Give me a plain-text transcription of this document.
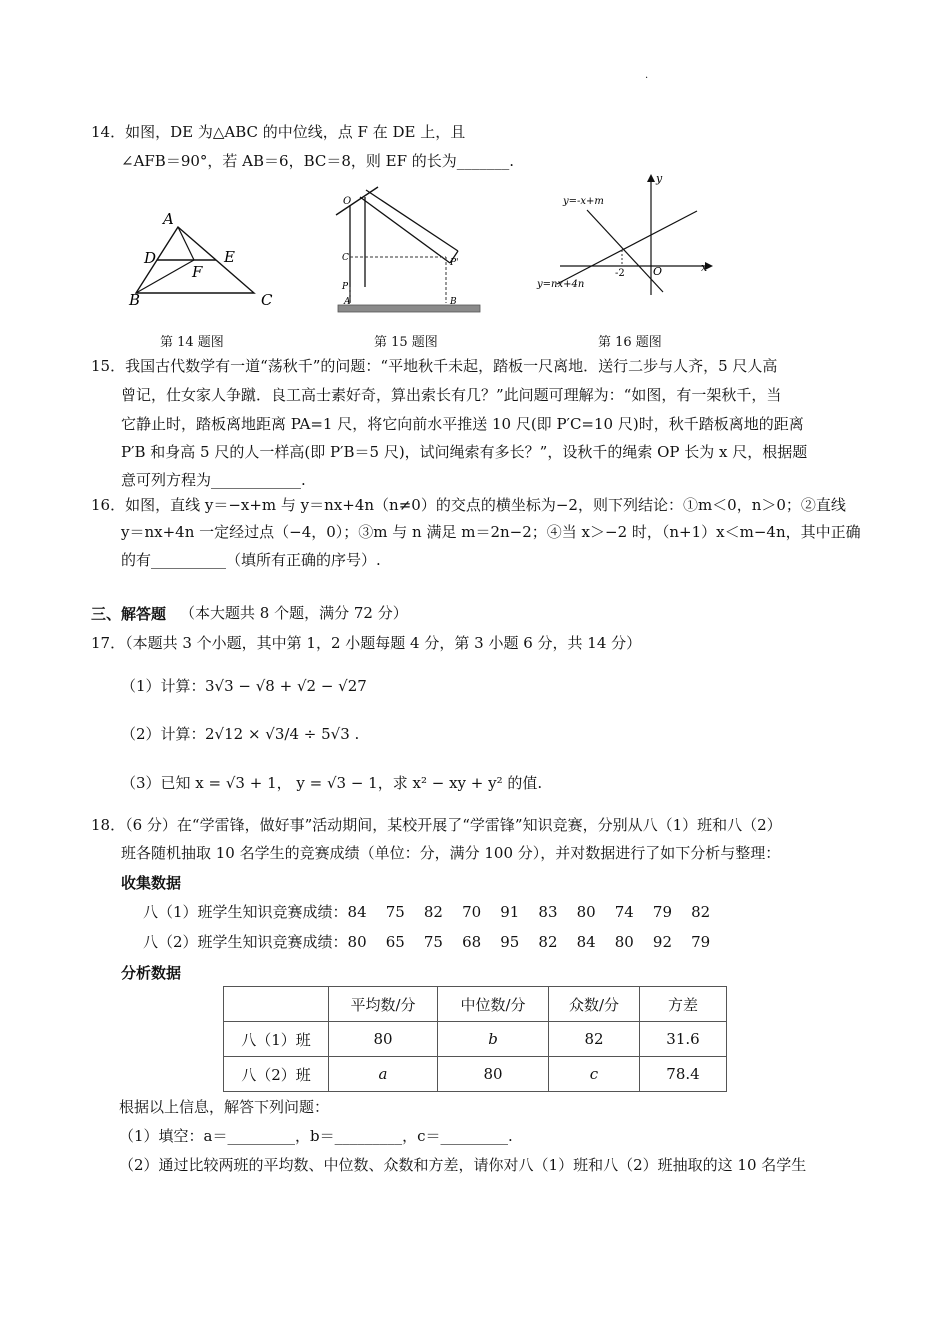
.
14．如图，DE 为△ABC 的中位线，点 F 在 DE 上，且
∠AFB＝90°，若 AB＝6，BC＝8，则 EF 的长为_______.
A
D	E
F
B	C
第 14 题图
O
C
P
A
P'
B
第 15 题图
y=-x+m
y=nx+4n
x
y
O
-2
第 16 题图
15．我国古代数学有一道“荡秋千”的问题：“平地秋千未起，踏板一尺离地．送行二步与人齐，5 尺人高
曾记，仕女家人争蹴．良工高士素好奇，算出索长有几？”此问题可理解为：“如图，有一架秋千，当
它静止时，踏板离地距离 PA=1 尺，将它向前水平推送 10 尺(即 P′C=10 尺)时，秋千踏板离地的距离
P′B 和身高 5 尺的人一样高(即 P′B＝5 尺)，试问绳索有多长？”，设秋千的绳索 OP 长为 x 尺，根据题
意可列方程为____________.
16．如图，直线 y＝−x+m 与 y＝nx+4n（n≠0）的交点的横坐标为−2，则下列结论：①m＜0，n＞0；②直线
y＝nx+4n 一定经过点（−4，0）；③m 与 n 满足 m＝2n−2；④当 x＞−2 时，（n+1）x＜m−4n，其中正确
的有__________（填所有正确的序号）.
三、解答题 （本大题共 8 个题，满分 72 分）
17．（本题共 3 个小题，其中第 1，2 小题每题 4 分，第 3 小题 6 分，共 14 分）
（1）计算： 3√3 − √8 + √2 − √27
（2）计算： 2√12 × √3/4 ÷ 5√3 .
（3）已知 x = √3 + 1， y = √3 − 1，求 x² − xy + y² 的值.
18．（6 分）在“学雷锋，做好事”活动期间，某校开展了“学雷锋”知识竞赛，分别从八（1）班和八（2）
班各随机抽取 10 名学生的竞赛成绩（单位：分，满分 100 分），并对数据进行了如下分析与整理：
收集数据
八（1）班学生知识竞赛成绩：84 75 82 70 91 83 80 74 79 82
八（2）班学生知识竞赛成绩：80 65 75 68 95 82 84 80 92 79
分析数据
	平均数/分	中位数/分	众数/分	方差
八（1）班	80	b	82	31.6
八（2）班	a	80	c	78.4
根据以上信息，解答下列问题：
（1）填空：a＝_________，b＝_________，c＝_________.
（2）通过比较两班的平均数、中位数、众数和方差，请你对八（1）班和八（2）班抽取的这 10 名学生
